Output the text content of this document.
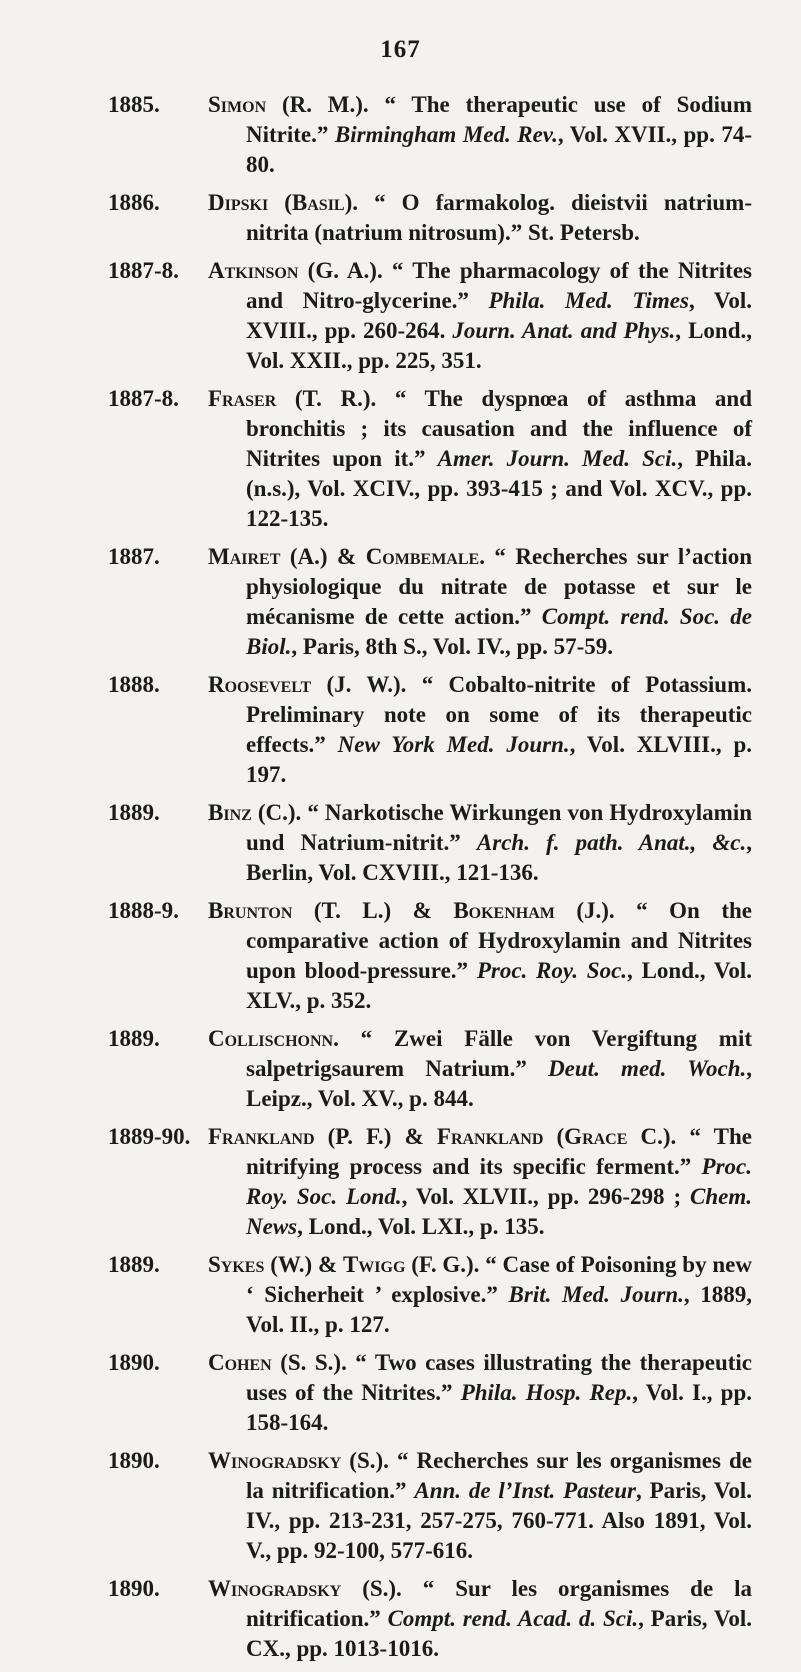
167
1885. Simon (R. M.). “ The therapeutic use of Sodium Nitrite.” Birmingham Med. Rev., Vol. XVII., pp. 74-80.
1886. Dipski (Basil). “ O farmakolog. dieistvii natrium-nitrita (natrium nitrosum).” St. Petersb.
1887-8. Atkinson (G. A.). “ The pharmacology of the Nitrites and Nitro-glycerine.” Phila. Med. Times, Vol. XVIII., pp. 260-264. Journ. Anat. and Phys., Lond., Vol. XXII., pp. 225, 351.
1887-8. Fraser (T. R.). “ The dyspnœa of asthma and bronchitis ; its causation and the influence of Nitrites upon it.” Amer. Journ. Med. Sci., Phila. (n.s.), Vol. XCIV., pp. 393-415 ; and Vol. XCV., pp. 122-135.
1887. Mairet (A.) & Combemale. “ Recherches sur l’action physiologique du nitrate de potasse et sur le mécanisme de cette action.” Compt. rend. Soc. de Biol., Paris, 8th S., Vol. IV., pp. 57-59.
1888. Roosevelt (J. W.). “ Cobalto-nitrite of Potassium. Preliminary note on some of its therapeutic effects.” New York Med. Journ., Vol. XLVIII., p. 197.
1889. Binz (C.). “ Narkotische Wirkungen von Hydroxylamin und Natrium-nitrit.” Arch. f. path. Anat., &c., Berlin, Vol. CXVIII., 121-136.
1888-9. Brunton (T. L.) & Bokenham (J.). “ On the comparative action of Hydroxylamin and Nitrites upon blood-pressure.” Proc. Roy. Soc., Lond., Vol. XLV., p. 352.
1889. Collischonn. “ Zwei Fälle von Vergiftung mit salpetrigsaurem Natrium.” Deut. med. Woch., Leipz., Vol. XV., p. 844.
1889-90. Frankland (P. F.) & Frankland (Grace C.). “ The nitrifying process and its specific ferment.” Proc. Roy. Soc. Lond., Vol. XLVII., pp. 296-298 ; Chem. News, Lond., Vol. LXI., p. 135.
1889. Sykes (W.) & Twigg (F. G.). “ Case of Poisoning by new ‘ Sicherheit ’ explosive.” Brit. Med. Journ., 1889, Vol. II., p. 127.
1890. Cohen (S. S.). “ Two cases illustrating the therapeutic uses of the Nitrites.” Phila. Hosp. Rep., Vol. I., pp. 158-164.
1890. Winogradsky (S.). “ Recherches sur les organismes de la nitrification.” Ann. de l’Inst. Pasteur, Paris, Vol. IV., pp. 213-231, 257-275, 760-771. Also 1891, Vol. V., pp. 92-100, 577-616.
1890. Winogradsky (S.). “ Sur les organismes de la nitrification.” Compt. rend. Acad. d. Sci., Paris, Vol. CX., pp. 1013-1016.
